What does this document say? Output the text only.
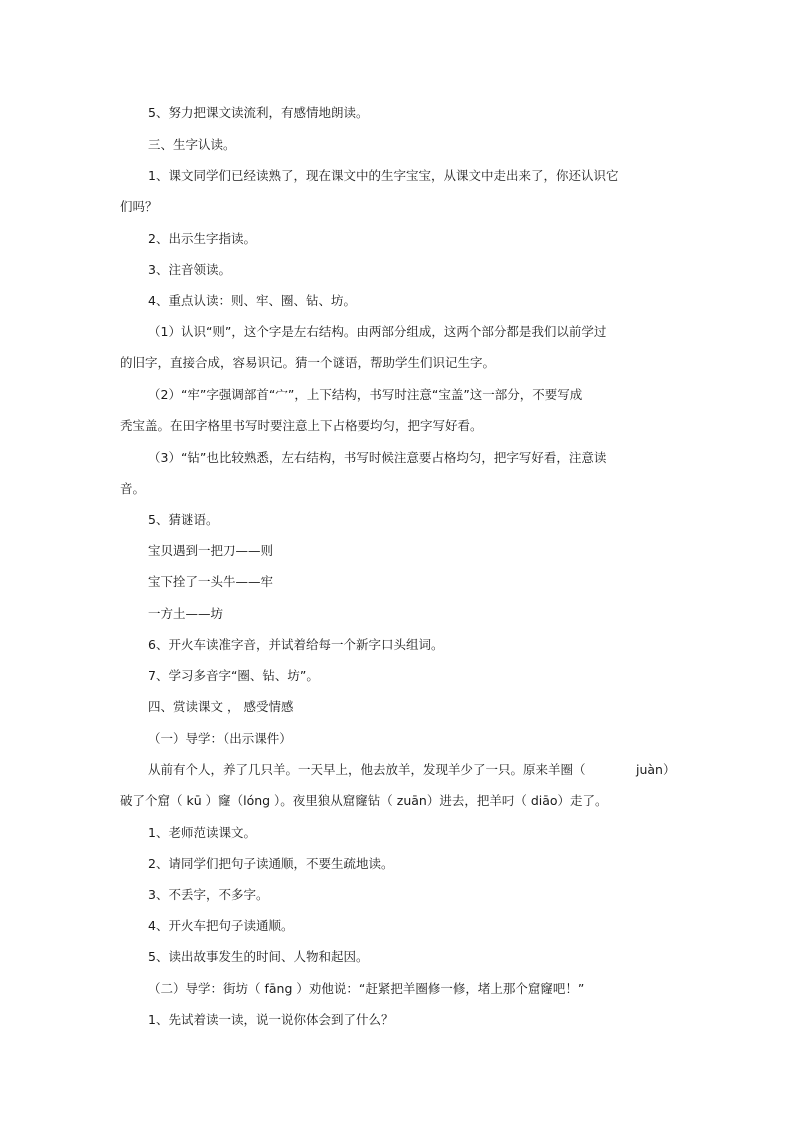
5、努力把课文读流利，有感情地朗读。
三、生字认读。
1、课文同学们已经读熟了，现在课文中的生字宝宝，从课文中走出来了，你还认识它
们吗？
2、出示生字指读。
3、注音领读。
4、重点认读：则、牢、圈、钻、坊。
（1）认识“则”，这个字是左右结构。由两部分组成，这两个部分都是我们以前学过
的旧字，直接合成，容易识记。猜一个谜语，帮助学生们识记生字。
（2）“牢”字强调部首“宀”，上下结构，书写时注意“宝盖”这一部分，不要写成
秃宝盖。在田字格里书写时要注意上下占格要均匀，把字写好看。
（3）“钻”也比较熟悉，左右结构，书写时候注意要占格均匀，把字写好看，注意读
音。
5、猜谜语。
宝贝遇到一把刀——则
宝下拴了一头牛——牢
一方土——坊
6、开火车读准字音，并试着给每一个新字口头组词。
7、学习多音字“圈、钻、坊”。
四、赏读课文 ， 感受情感
（一）导学：（出示课件）
从前有个人，养了几只羊。一天早上，他去放羊，发现羊少了一只。原来羊圈（	juàn）
破了个窟（ kū ）窿（lóng ）。夜里狼从窟窿钻（ zuān）进去，把羊叼（ diāo）走了。
1、老师范读课文。
2、请同学们把句子读通顺，不要生疏地读。
3、不丢字，不多字。
4、开火车把句子读通顺。
5、读出故事发生的时间、人物和起因。
（二）导学：街坊（ fāng ）劝他说：“赶紧把羊圈修一修，堵上那个窟窿吧！”
1、先试着读一读，说一说你体会到了什么？
